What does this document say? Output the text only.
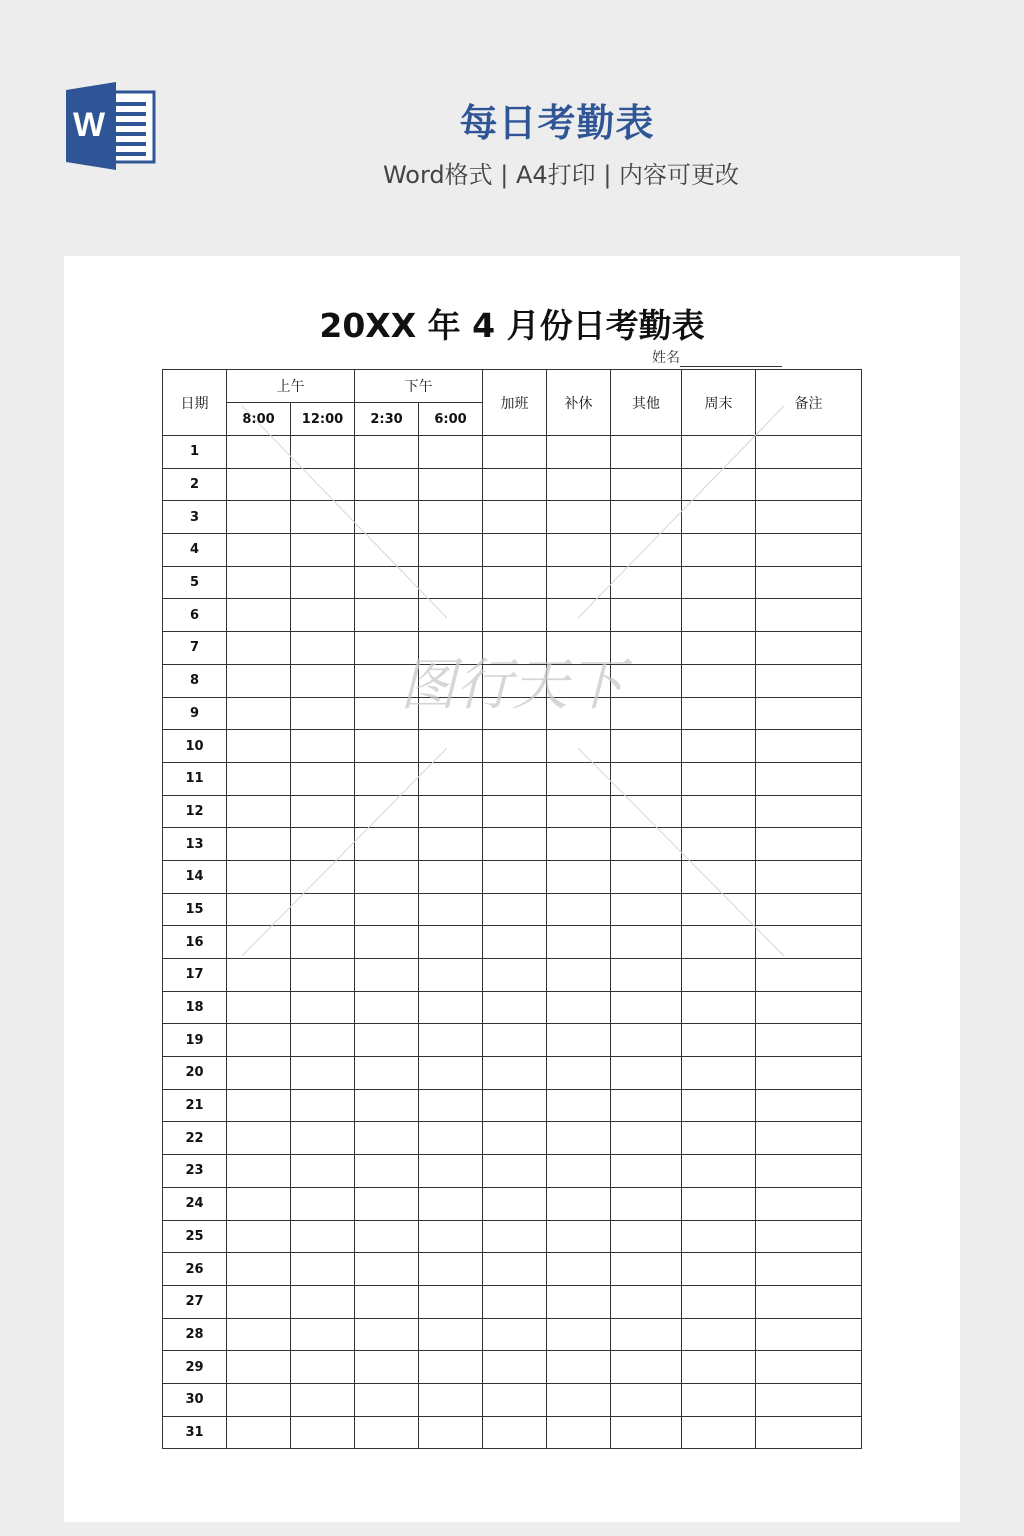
W	每日考勤表
Word格式 | A4打印 | 内容可更改
20XX 年 4 月份日考勤表
姓名
日期	上午		下午		加班	补休	其他	周末	备注
	8:00	12:00	2:30	6:00					
1									
2									
3									
4									
5									
6									
7									
8									
9									
10									
11									
12									
13									
14									
15									
16									
17									
18									
19									
20									
21									
22									
23									
24									
25									
26									
27									
28									
29									
30									
31									
图行天下
